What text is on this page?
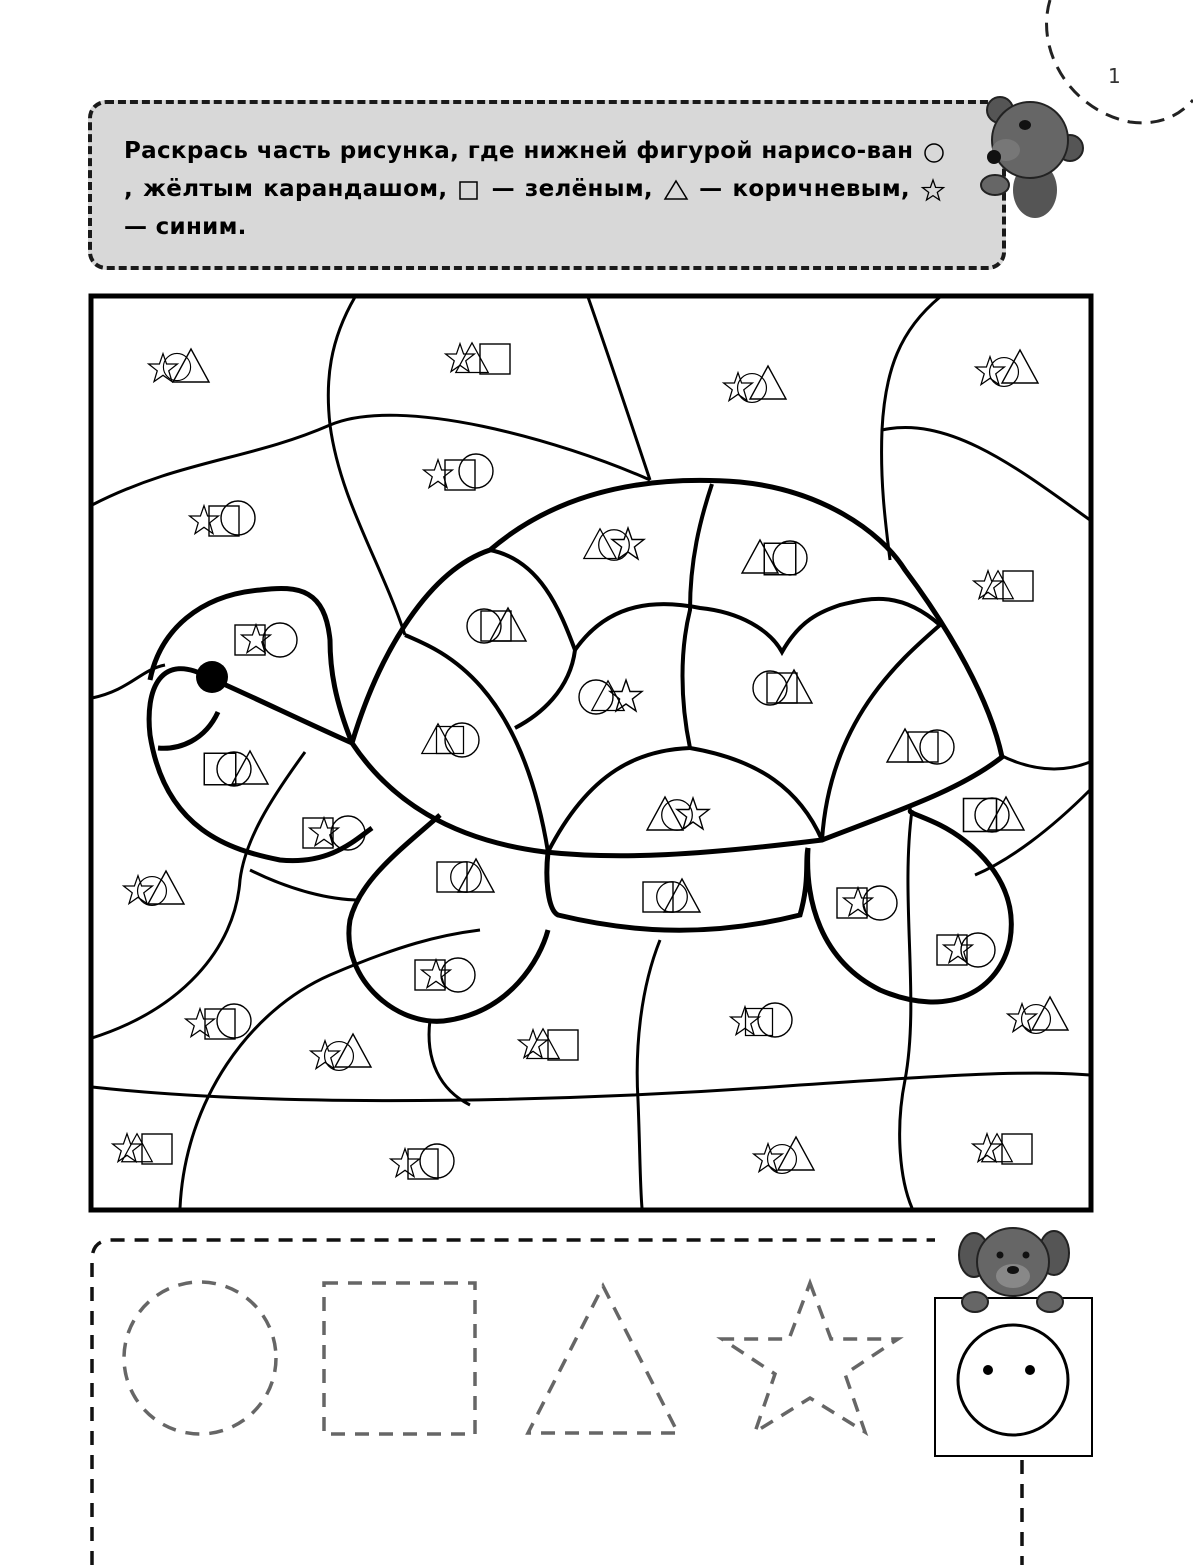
1
Раскрась часть рисунка, где нижней фигурой нарисо-ван , жёлтым карандашом, — зелёным, — коричневым,  — синим.
